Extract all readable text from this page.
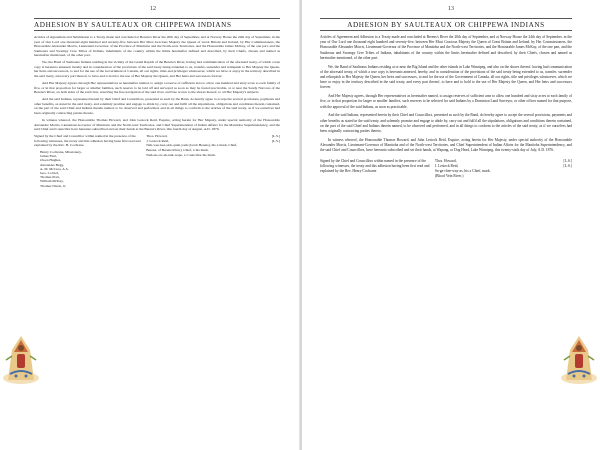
12
ADHESION BY SAULTEAUX OR CHIPPEWA INDIANS

Articles of Agreement and Submission to a Treaty made and concluded at Berens's River the 20th day of September, and at Norway House the 24th day of September, in the year of Our Lord one thousand eight hundred and seventy-five between Her Most Gracious Majesty the Queen of Great Britain and Ireland, by Her Commissioners, the Honourable Alexander Morris, Lieutenant-Governor of the Province of Manitoba and the North-west Territories, and the Honourable James McKay, of the one part, and the Saulteaux and Swampy Cree Tribes of Indians, inhabitants of the country within the limits hereinafter defined and described, by their Chiefs, chosen and named as hereinafter mentioned, of the other part.

We, the Band of Saulteaux Indians residing in the vicinity of the Grand Rapids of the Berens's River, having had communication of the aforesaid treaty, of which a true copy is hereunto annexed, hereby and in consideration of the provisions of the said treaty being extended to us, transfer, surrender and relinquish to Her Majesty the Queen, her heirs and successors, to and for the use of the Government of Canada, all our rights, titles and privileges whatsoever, which we have or enjoy in the territory described in the said treaty, and every part thereof, to have and to hold to the use of Her Majesty the Queen, and Her heirs and successors forever.

And Her Majesty agrees, through Her representatives as hereinafter named, to assign a reserve of sufficient area to allow one hundred and sixty acres to each family of five, or in that proportion for larger or smaller families, such reserve to be laid off and surveyed as soon as may be found practicable, at or near the Sandy Narrows of the Berens's River, on both sides of the said river, reserving the free navigation of the said river, and free access to the shores thereof, to all Her Majesty's subjects.

And the said Indians, represented herein by their Chief and Councillors, presented as such by the Band, do hereby agree to accept the several provisions, payments and other benefits, as stated in the said treaty, and solemnly promise and engage to abide by, carry out and fulfil all the stipulations, obligations and conditions therein contained, on the part of the said Chief and Indians therein named, to be observed and performed, and in all things to conform to the articles of the said treaty, as if we ourselves had been originally contracting parties thereto.

In witness whereof, the Honourable Thomas Howard, and John Lestock Reid, Esquire, acting herein for Her Majesty, under special authority of the Honourable Alexander Morris, Lieutenant-Governor of Manitoba and the North-west Territories, and Chief Superintendent of Indian Affairs for the Manitoba Superintendency, and the said Chief and Councillor have hereunto subscribed and set their hands at the Berens's River, this fourth day of August, A.D. 1876.

Signed by the Chief and Councillor within named in the presence of the following witnesses, the treaty and this adhesion having been first read and explained by the Rev. H. Cochrane.
Henry Cochrane, Missionary,
James Flett,
Owen Hughes,
Alexander Begg,
A. M. McCrea, A.S.
Geo. Colcief,
Thomas Pratt,
William McKay,
Thomas Nixon, Jr.
Thos. Howard,	[L.S.]
J. Lestock Reid,	[L.S.]
Nah-wee-kee-sick-quah-yash (Jacob Berens), his x mark, Chief,
Berens, of Berens River), Chief, x his mark.
Nuh-ak-ow-ah-nuk-wape, x Councillor his mark.
13
ADHESION BY SAULTEAUX OR CHIPPEWA INDIANS

Articles of Agreement and Adhesion to a Treaty made and concluded at Berens's River the 20th day of September, and at Norway House the 24th day of September, in the year of Our Lord one thousand eight hundred and seventy-five, between Her Most Gracious Majesty the Queen of Great Britain and Ireland, by Her Commissioners, the Honourable Alexander Morris, Lieutenant-Governor of the Province of Manitoba and the North-west Territories, and the Honourable James McKay, of the one part, and the Saulteaux and Swampy Cree Tribes of Indians, inhabitants of the country within the limits hereinafter defined and described, by their Chiefs, chosen and named as hereinafter mentioned, of the other part.

We, the Band of Saulteaux Indians residing at or near the Big Island and the other islands in Lake Winnipeg, and also on the shores thereof, having had communication of the aforesaid treaty, of which a true copy is hereunto annexed, hereby, and in consideration of the provisions of the said treaty being extended to us, transfer, surrender and relinquish to Her Majesty the Queen, her heirs and successors, to and for the use of the Government of Canada, all our rights, title and privileges whatsoever, which we have or enjoy in the territory described in the said treaty, and every part thereof, to have and to hold to the use of Her Majesty the Queen, and Her heirs and successors forever.

And Her Majesty agrees, through Her representatives as hereinafter named, to assign reserves of sufficient area to allow one hundred and sixty acres to each family of five, or in that proportion for larger or smaller families, such reserves to be selected for said Indians by a Dominion Land Surveyor, or other officer named for that purpose, with the approval of the said Indians, as soon as practicable.

And the said Indians, represented herein by their Chief and Councillors, presented as such by the Band, do hereby agree to accept the several provisions, payments and other benefits as stated in the said treaty, and solemnly promise and engage to abide by, carry out and fulfil all the stipulations, obligations and conditions therein contained, on the part of the said Chief and Indians therein named, to be observed and performed, and in all things to conform to the articles of the said treaty, as if we ourselves had been originally contracting parties thereto.

In witness whereof, the Honourable Thomas Howard, and John Lestock Reid, Esquire, acting herein for Her Majesty, under special authority of the Honourable Alexander Morris, Lieutenant-Governor of Manitoba and of the North-west Territories, and Chief Superintendent of Indian Affairs for the Manitoba Superintendency, and the said Chief and Councillors, have hereunto subscribed and set their hands, at Wapang, or Dog Head, Lake Winnipeg, this twenty-sixth day of July, A.D. 1876.

Signed by the Chief and Councillors within named in the presence of the following witnesses, the treaty and this adhesion having been first read and explained by the Rev. Henry Cochrane
Thos. Howard,	[L.S.]
J. Lestock Reid,	[L.S.]
Sa-ga-chee-way-as, his x Chief, mark.
(Blood Vein River.)
